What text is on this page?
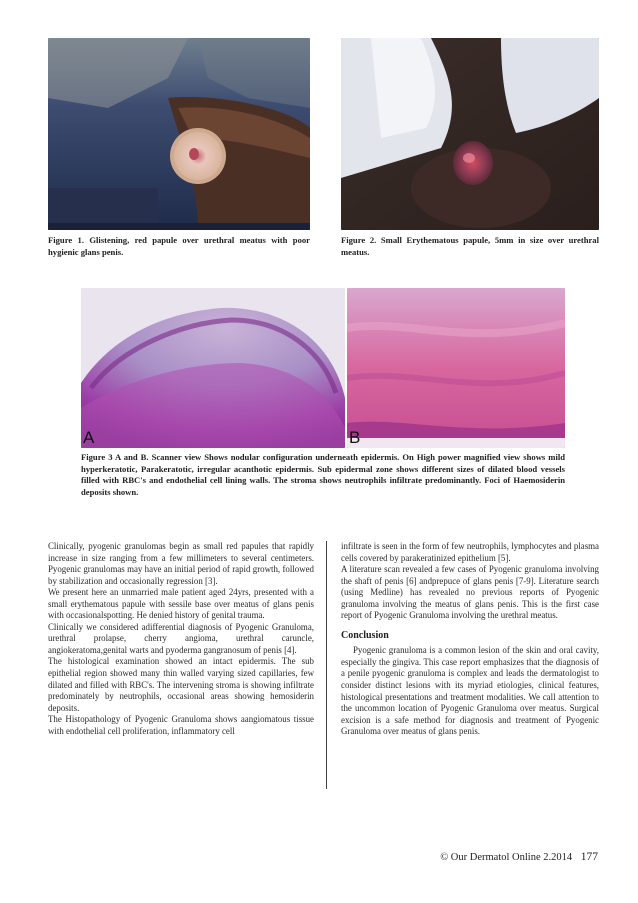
Figure 1. Glistening, red papule over urethral meatus with poor hygienic glans penis.
Figure 2. Small Erythematous papule, 5mm in size over urethral meatus.
A	B
Figure 3 A and B. Scanner view Shows nodular configuration underneath epidermis. On High power magnified view shows mild hyperkeratotic, Parakeratotic, irregular acanthotic epidermis. Sub epidermal zone shows different sizes of dilated blood vessels filled with RBC's and endothelial cell lining walls. The stroma shows neutrophils infiltrate predominantly. Foci of Haemosiderin deposits shown.

Clinically, pyogenic granulomas begin as small red papules that rapidly increase in size ranging from a few millimeters to several centimeters. Pyogenic granulomas may have an initial period of rapid growth, followed by stabilization and occasionally regression [3].

We present here an unmarried male patient aged 24yrs, presented with a small erythematous papule with sessile base over meatus of glans penis with occasionalspotting. He denied history of genital trauma.

Clinically we considered adifferential diagnosis of Pyogenic Granuloma, urethral prolapse, cherry angioma, urethral caruncle, angiokeratoma,genital warts and pyoderma gangranosum of penis [4].

The histological examination showed an intact epidermis. The sub epithelial region showed many thin walled varying sized capillaries, few dilated and filled with RBC's. The intervening stroma is showing infiltrate predominately by neutrophils, occasional areas showing hemosiderin deposits.

The Histopathology of Pyogenic Granuloma shows aangiomatous tissue with endothelial cell proliferation, inflammatory cell

infiltrate is seen in the form of few neutrophils, lymphocytes and plasma cells covered by parakeratinized epithelium [5].

A literature scan revealed a few cases of Pyogenic granuloma involving the shaft of penis [6] andprepuce of glans penis [7-9]. Literature search (using Medline) has revealed no previous reports of Pyogenic granuloma involving the meatus of glans penis. This is the first case report of Pyogenic Granuloma involving the urethral meatus.

Conclusion

Pyogenic granuloma is a common lesion of the skin and oral cavity, especially the gingiva. This case report emphasizes that the diagnosis of a penile pyogenic granuloma is complex and leads the dermatologist to consider distinct lesions with its myriad etiologies, clinical features, histological presentations and treatment modalities. We call attention to the uncommon location of Pyogenic Granuloma over meatus. Surgical excision is a safe method for diagnosis and treatment of Pyogenic Granuloma over meatus of glans penis.

© Our Dermatol Online 2.2014 177
